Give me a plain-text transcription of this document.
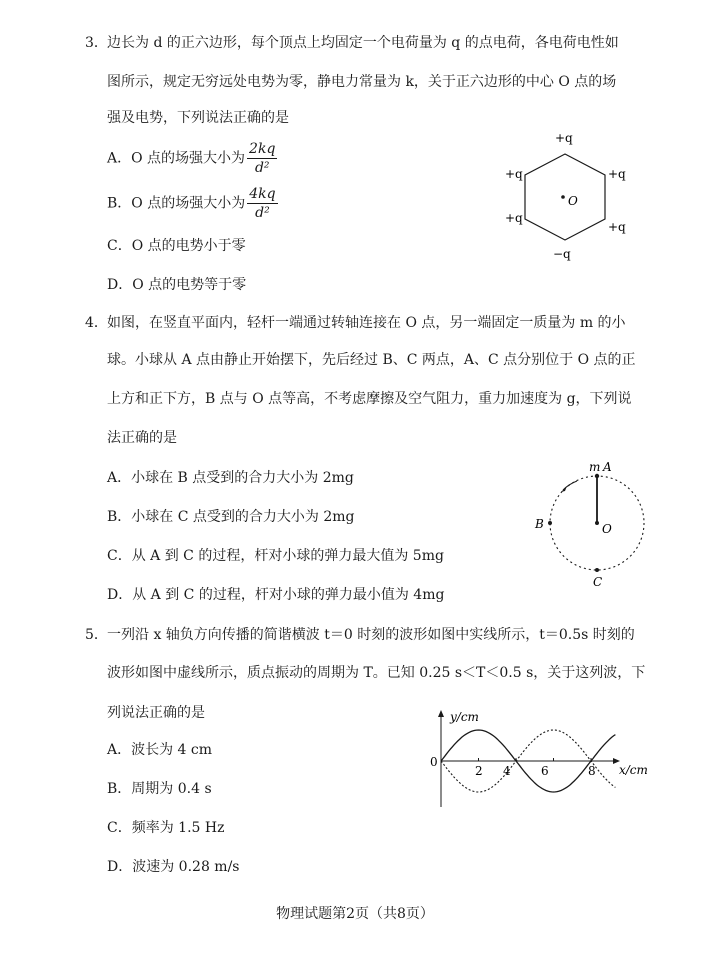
3． 边长为 d 的正六边形，每个顶点上均固定一个电荷量为 q 的点电荷，各电荷电性如
图所示，规定无穷远处电势为零，静电力常量为 k，关于正六边形的中心 O 点的场
强及电势，下列说法正确的是
A．O 点的场强大小为 $\frac{2kq}{\text{d²}}$
B．O 点的场强大小为 $\frac{4kq}{\text{d²}}$
C．O 点的电势小于零
D．O 点的电势等于零
+q
+q	+q
+q
+q
−q
O
4． 如图，在竖直平面内，轻杆一端通过转轴连接在 O 点，另一端固定一质量为 m 的小
球。小球从 A 点由静止开始摆下，先后经过 B、C 两点，A、C 点分别位于 O 点的正
上方和正下方，B 点与 O 点等高，不考虑摩擦及空气阻力，重力加速度为 g，下列说
法正确的是
A．小球在 B 点受到的合力大小为 2mg
B．小球在 C 点受到的合力大小为 2mg
C．从 A 到 C 的过程，杆对小球的弹力最大值为 5mg
D．从 A 到 C 的过程，杆对小球的弹力最小值为 4mg
m A
B	O
C
5． 一列沿 x 轴负方向传播的简谐横波 t＝0 时刻的波形如图中实线所示，t＝0.5s 时刻的
波形如图中虚线所示，质点振动的周期为 T。已知 0.25 s＜T＜0.5 s，关于这列波，下
列说法正确的是
A．波长为 4 cm
B．周期为 0.4 s
C．频率为 1.5 Hz
D．波速为 0.28 m/s
y/cm
x/cm
0
2 4	6	8
物理试题第2页（共8页）
